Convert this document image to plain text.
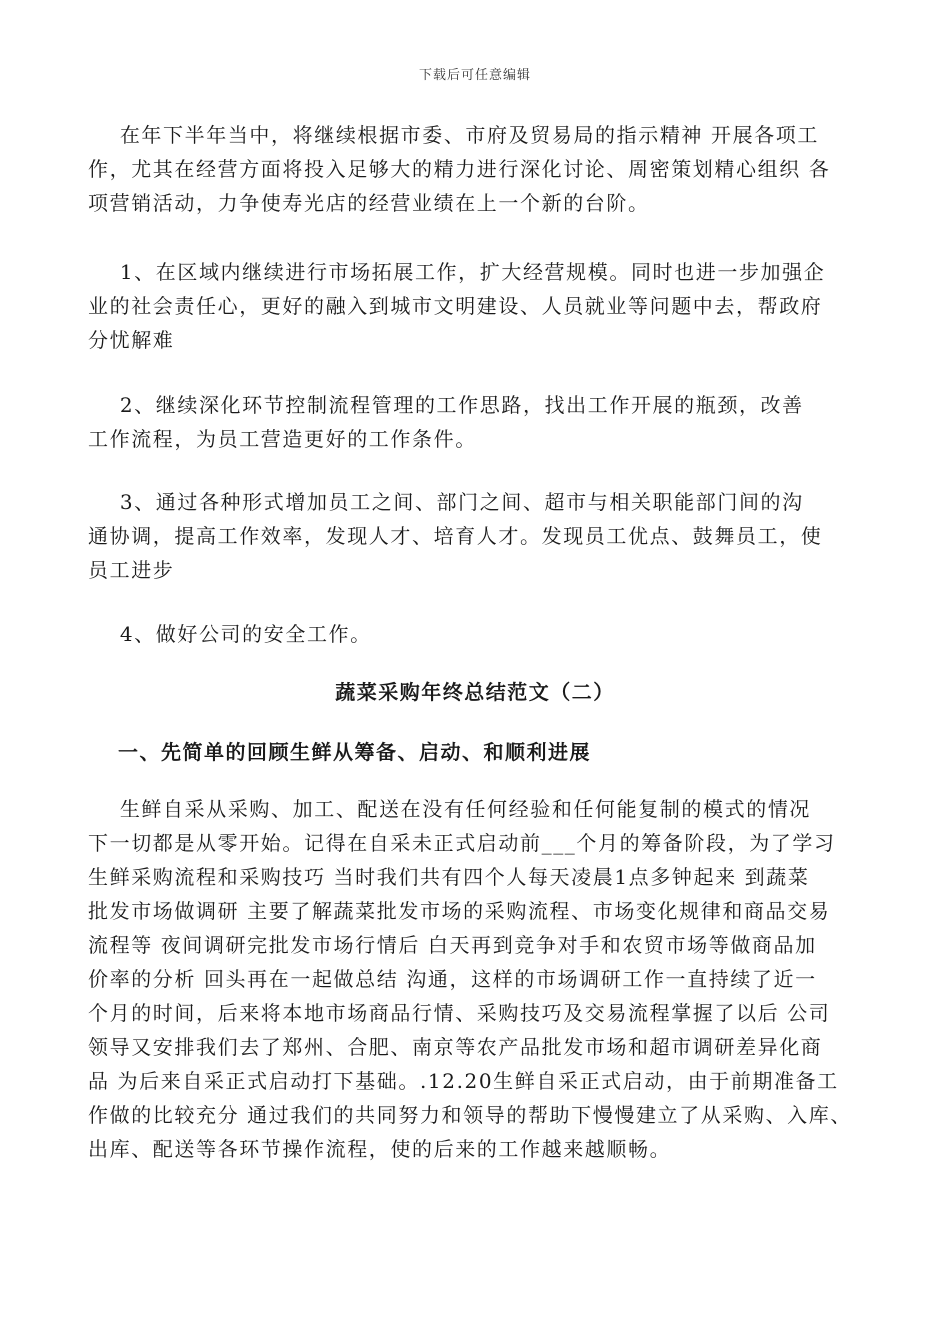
下载后可任意编辑
在年下半年当中，将继续根据市委、市府及贸易局的指示精神 开展各项工
作，尤其在经营方面将投入足够大的精力进行深化讨论、周密策划精心组织 各
项营销活动，力争使寿光店的经营业绩在上一个新的台阶。
1、在区域内继续进行市场拓展工作，扩大经营规模。同时也进一步加强企
业的社会责任心，更好的融入到城市文明建设、人员就业等问题中去，帮政府
分忧解难
2、继续深化环节控制流程管理的工作思路，找出工作开展的瓶颈，改善
工作流程，为员工营造更好的工作条件。
3、通过各种形式增加员工之间、部门之间、超市与相关职能部门间的沟
通协调，提高工作效率，发现人才、培育人才。发现员工优点、鼓舞员工，使
员工进步
4、做好公司的安全工作。
蔬菜采购年终总结范文（二）
一、先简单的回顾生鲜从筹备、启动、和顺利进展
生鲜自采从采购、加工、配送在没有任何经验和任何能复制的模式的情况
下一切都是从零开始。记得在自采未正式启动前___个月的筹备阶段，为了学习
生鲜采购流程和采购技巧 当时我们共有四个人每天凌晨1点多钟起来 到蔬菜
批发市场做调研 主要了解蔬菜批发市场的采购流程、市场变化规律和商品交易
流程等 夜间调研完批发市场行情后 白天再到竞争对手和农贸市场等做商品加
价率的分析 回头再在一起做总结 沟通，这样的市场调研工作一直持续了近一
个月的时间，后来将本地市场商品行情、采购技巧及交易流程掌握了以后 公司
领导又安排我们去了郑州、合肥、南京等农产品批发市场和超市调研差异化商
品 为后来自采正式启动打下基础。.12.20生鲜自采正式启动，由于前期准备工
作做的比较充分 通过我们的共同努力和领导的帮助下慢慢建立了从采购、入库、
出库、配送等各环节操作流程，使的后来的工作越来越顺畅。
